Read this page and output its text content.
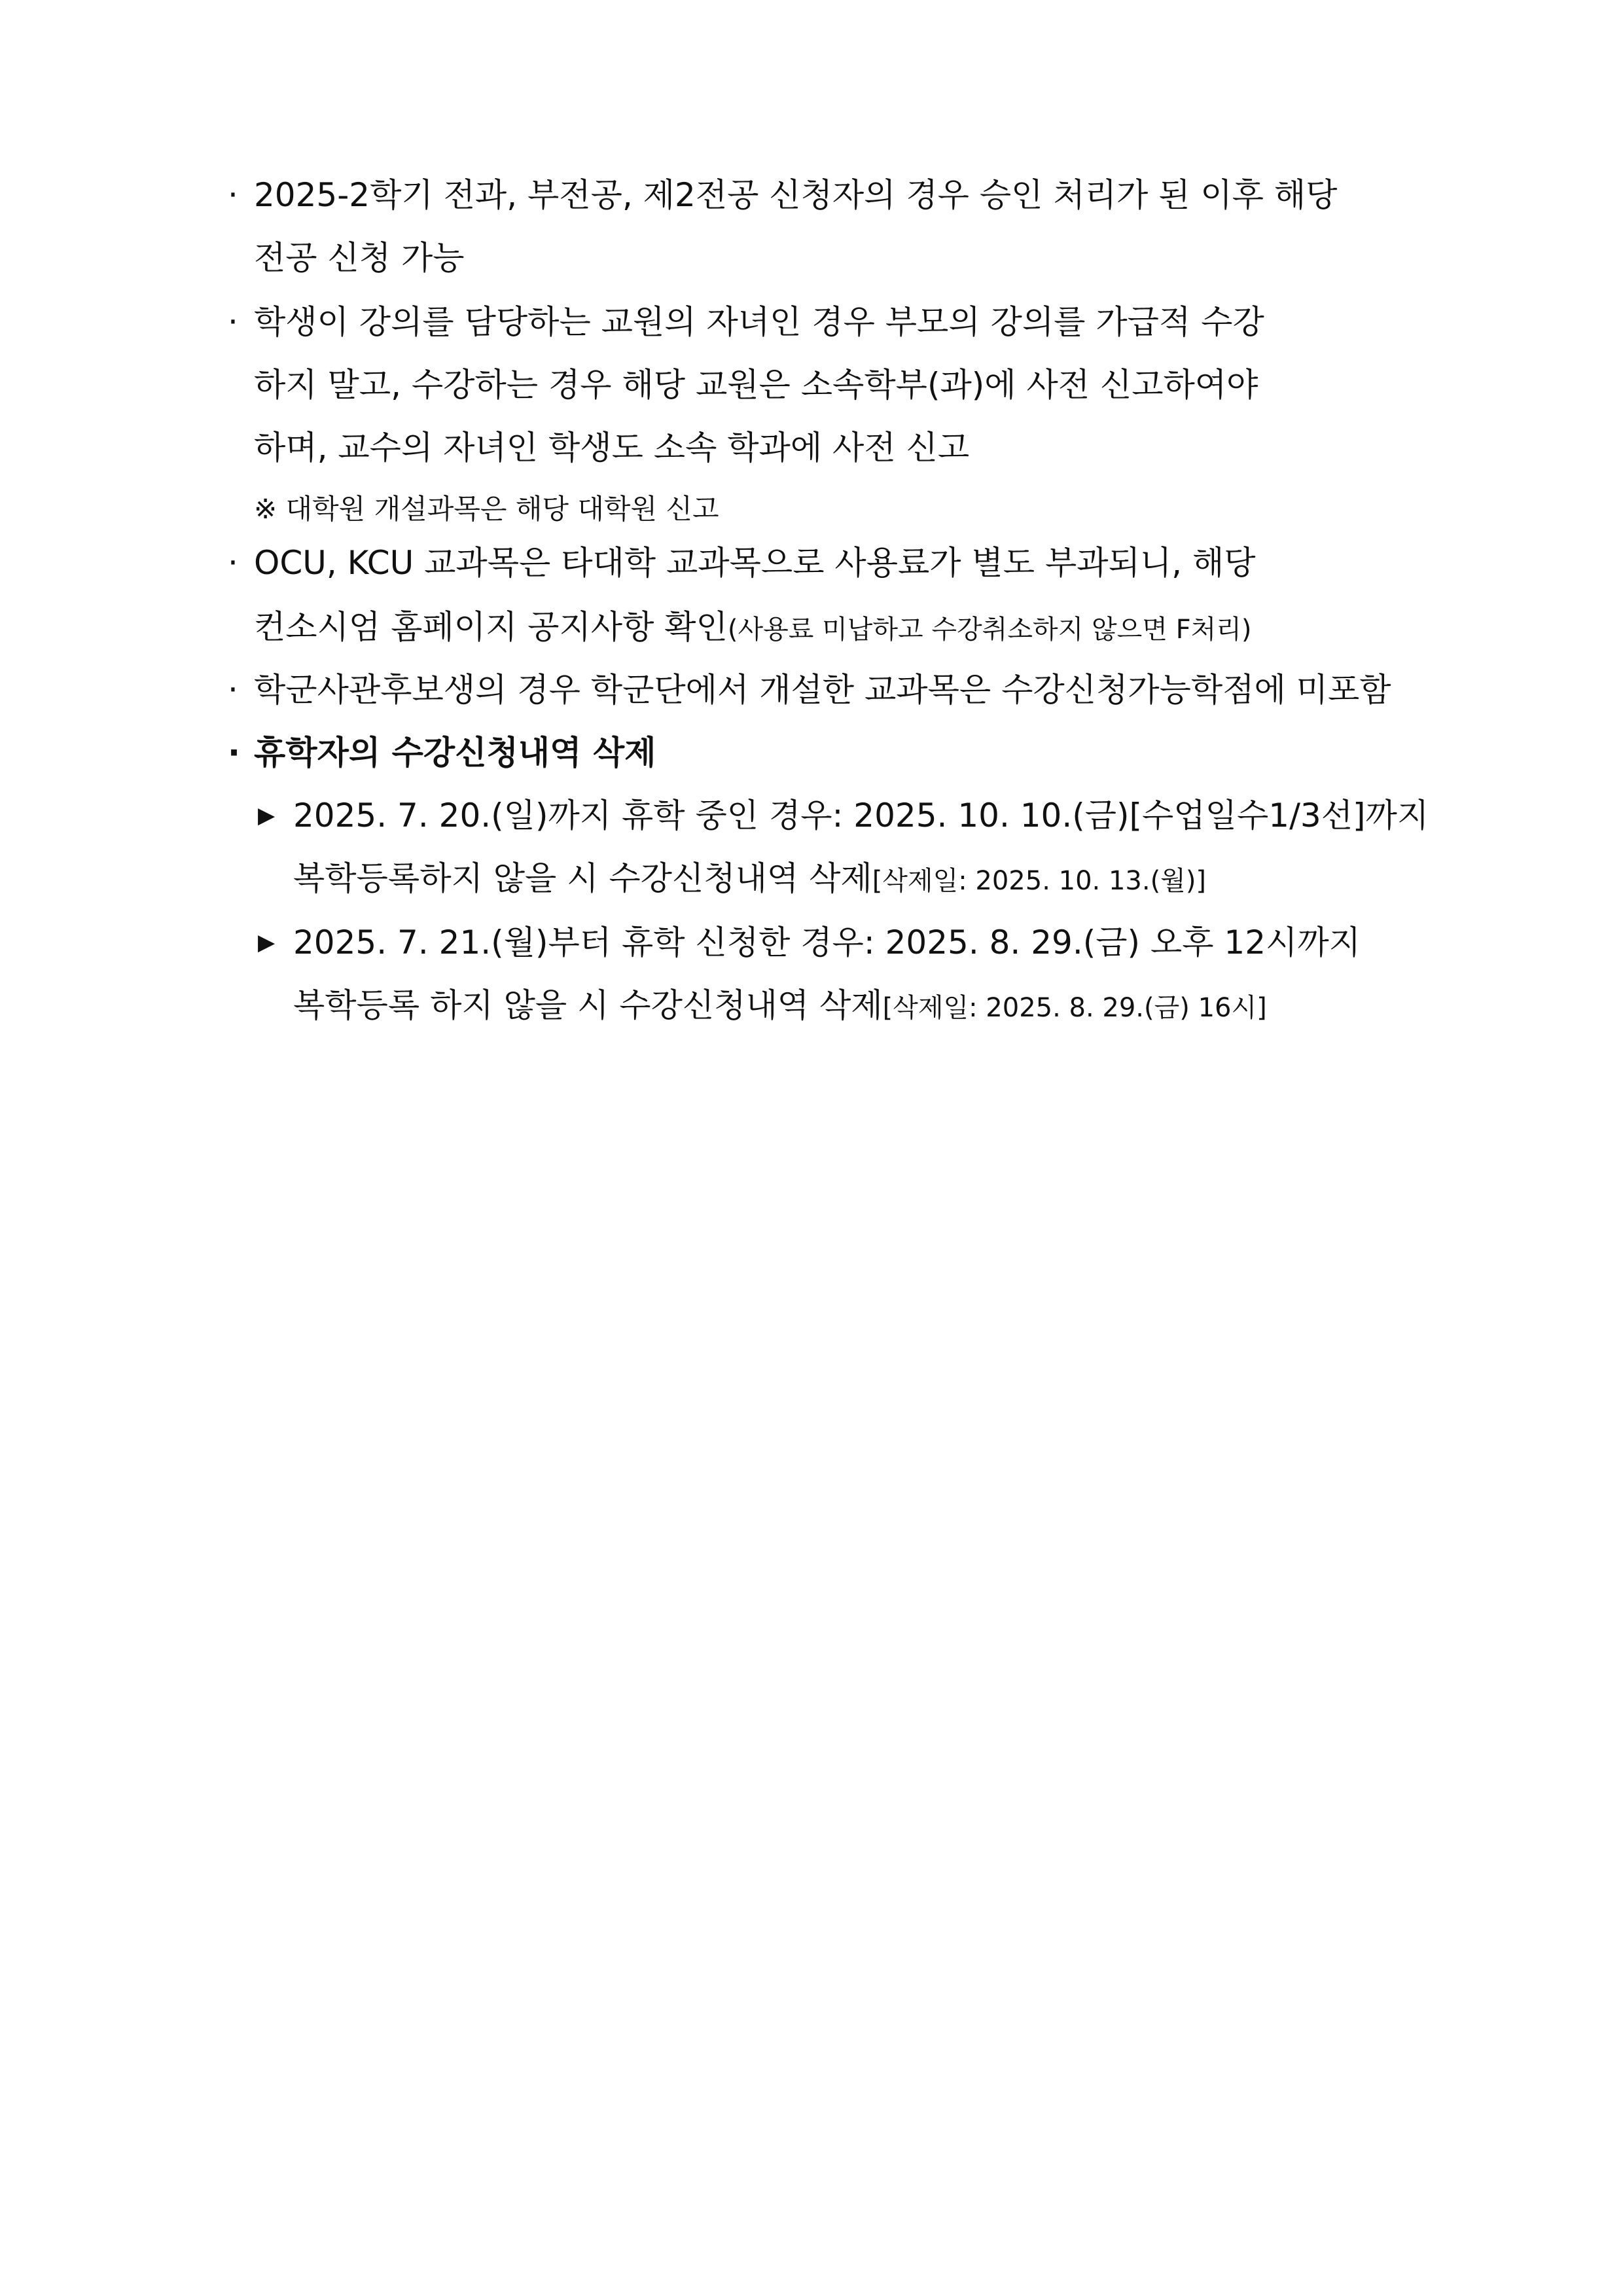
· 2025-2학기 전과, 부전공, 제2전공 신청자의 경우 승인 처리가 된 이후 해당
전공 신청 가능
· 학생이 강의를 담당하는 교원의 자녀인 경우 부모의 강의를 가급적 수강
하지 말고, 수강하는 경우 해당 교원은 소속학부(과)에 사전 신고하여야
하며, 교수의 자녀인 학생도 소속 학과에 사전 신고
※ 대학원 개설과목은 해당 대학원 신고
· OCU, KCU 교과목은 타대학 교과목으로 사용료가 별도 부과되니, 해당
컨소시엄 홈페이지 공지사항 확인(사용료 미납하고 수강취소하지 않으면 F처리)
· 학군사관후보생의 경우 학군단에서 개설한 교과목은 수강신청가능학점에 미포함
· 휴학자의 수강신청내역 삭제
▶ 2025. 7. 20.(일)까지 휴학 중인 경우: 2025. 10. 10.(금)[수업일수1/3선]까지
복학등록하지 않을 시 수강신청내역 삭제[삭제일: 2025. 10. 13.(월)]
▶ 2025. 7. 21.(월)부터 휴학 신청한 경우: 2025. 8. 29.(금) 오후 12시까지
복학등록 하지 않을 시 수강신청내역 삭제[삭제일: 2025. 8. 29.(금) 16시]
